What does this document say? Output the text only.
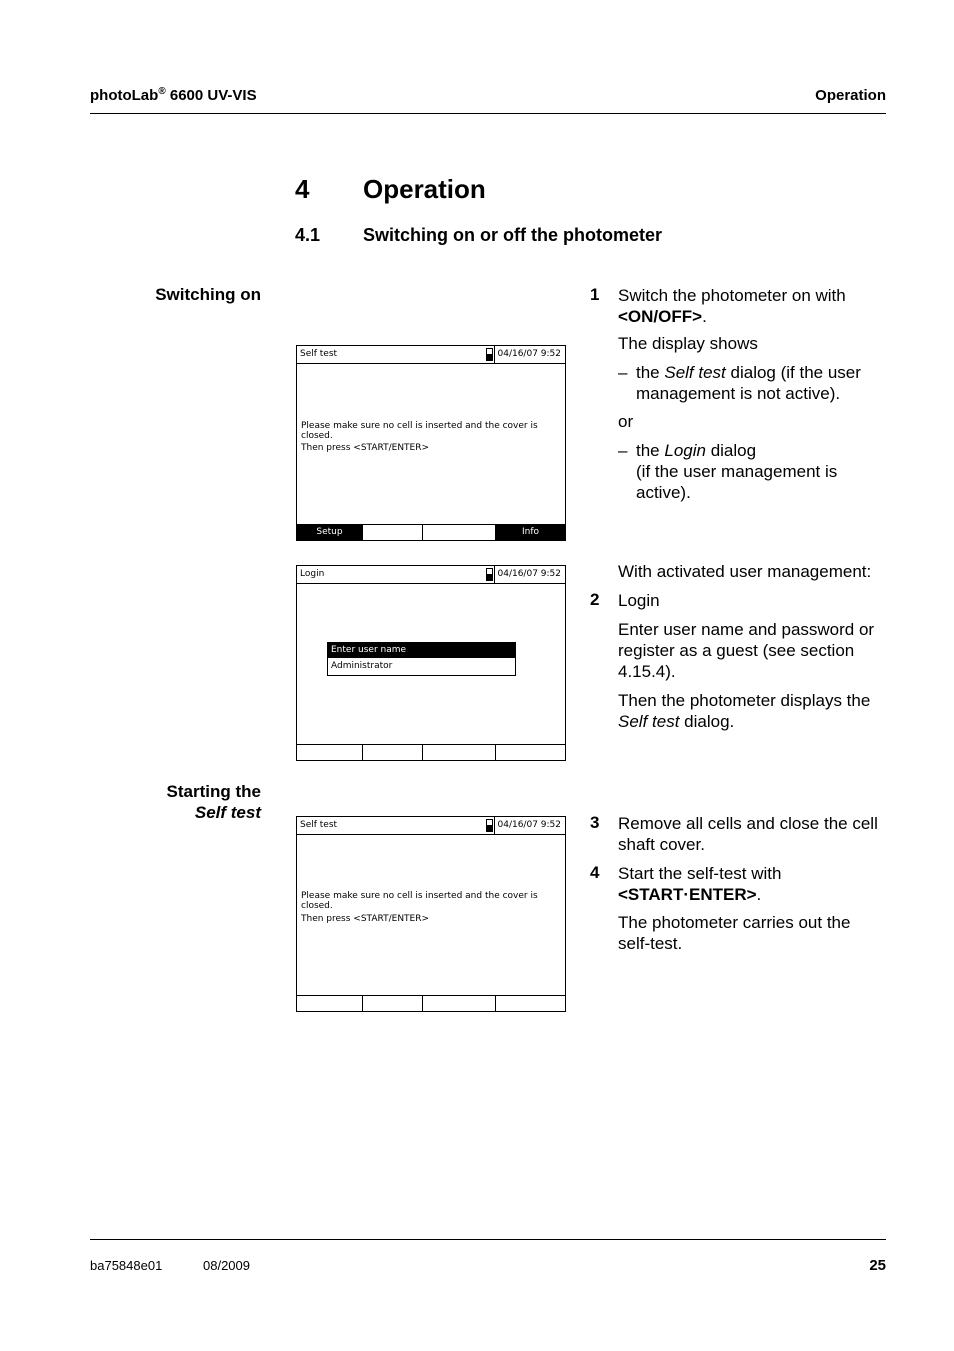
photoLab® 6600 UV-VIS	Operation
4 Operation
4.1 Switching on or off the photometer
Switching on
Starting the
Self test
Self test	04/16/07 9:52
Please make sure no cell is inserted and the cover is closed.
Then press <START/ENTER>
Setup	Info
Login	04/16/07 9:52
Enter user name
Administrator
Self test	04/16/07 9:52
Please make sure no cell is inserted and the cover is closed.
Then press <START/ENTER>
1 Switch the photometer on with
<ON/OFF>.
The display shows
– the Self test dialog (if the user
management is not active).
or
– the Login dialog
(if the user management is
active).
With activated user management:
2 Login
Enter user name and password or
register as a guest (see section
4.15.4).
Then the photometer displays the
Self test dialog.
3 Remove all cells and close the cell
shaft cover.
4 Start the self-test with
<START·ENTER>.
The photometer carries out the
self-test.
ba75848e01	08/2009	25
